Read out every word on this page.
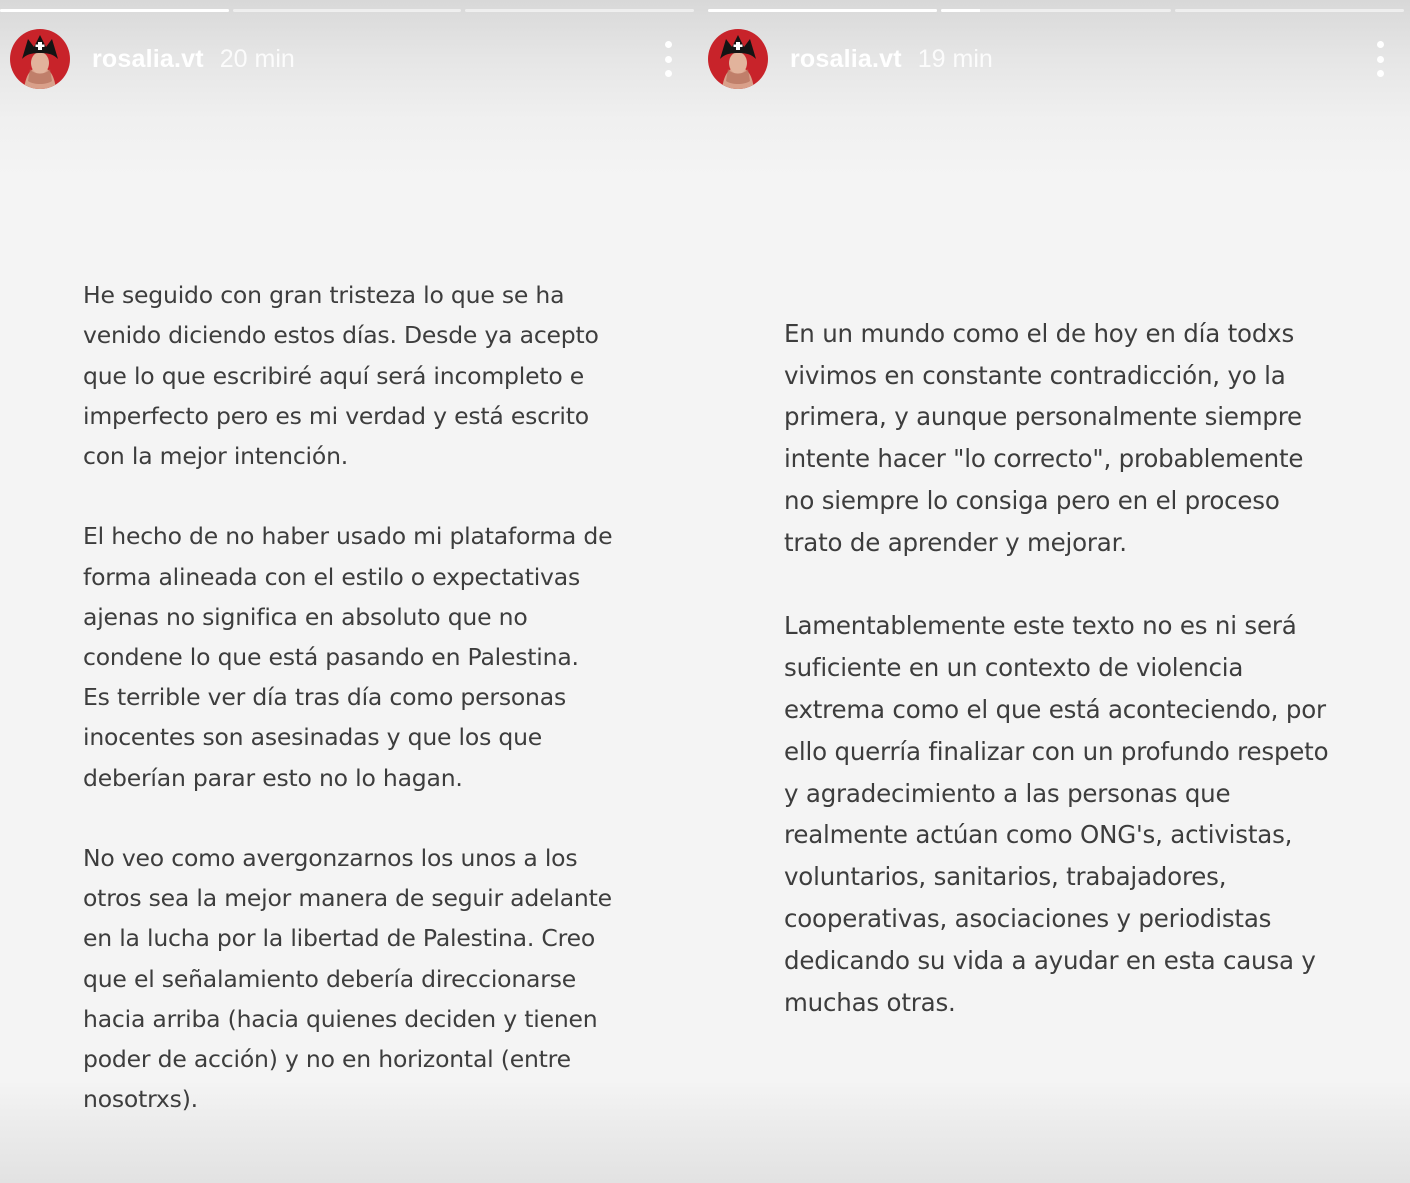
rosalia.vt 20 min

He seguido con gran tristeza lo que se ha
venido diciendo estos días. Desde ya acepto
que lo que escribiré aquí será incompleto e
imperfecto pero es mi verdad y está escrito
con la mejor intención.

El hecho de no haber usado mi plataforma de
forma alineada con el estilo o expectativas
ajenas no significa en absoluto que no
condene lo que está pasando en Palestina.
Es terrible ver día tras día como personas
inocentes son asesinadas y que los que
deberían parar esto no lo hagan.

No veo como avergonzarnos los unos a los
otros sea la mejor manera de seguir adelante
en la lucha por la libertad de Palestina. Creo
que el señalamiento debería direccionarse
hacia arriba (hacia quienes deciden y tienen
poder de acción) y no en horizontal (entre
nosotrxs).
rosalia.vt 19 min

En un mundo como el de hoy en día todxs
vivimos en constante contradicción, yo la
primera, y aunque personalmente siempre
intente hacer "lo correcto", probablemente
no siempre lo consiga pero en el proceso
trato de aprender y mejorar.

Lamentablemente este texto no es ni será
suficiente en un contexto de violencia
extrema como el que está aconteciendo, por
ello querría finalizar con un profundo respeto
y agradecimiento a las personas que
realmente actúan como ONG's, activistas,
voluntarios, sanitarios, trabajadores,
cooperativas, asociaciones y periodistas
dedicando su vida a ayudar en esta causa y
muchas otras.
